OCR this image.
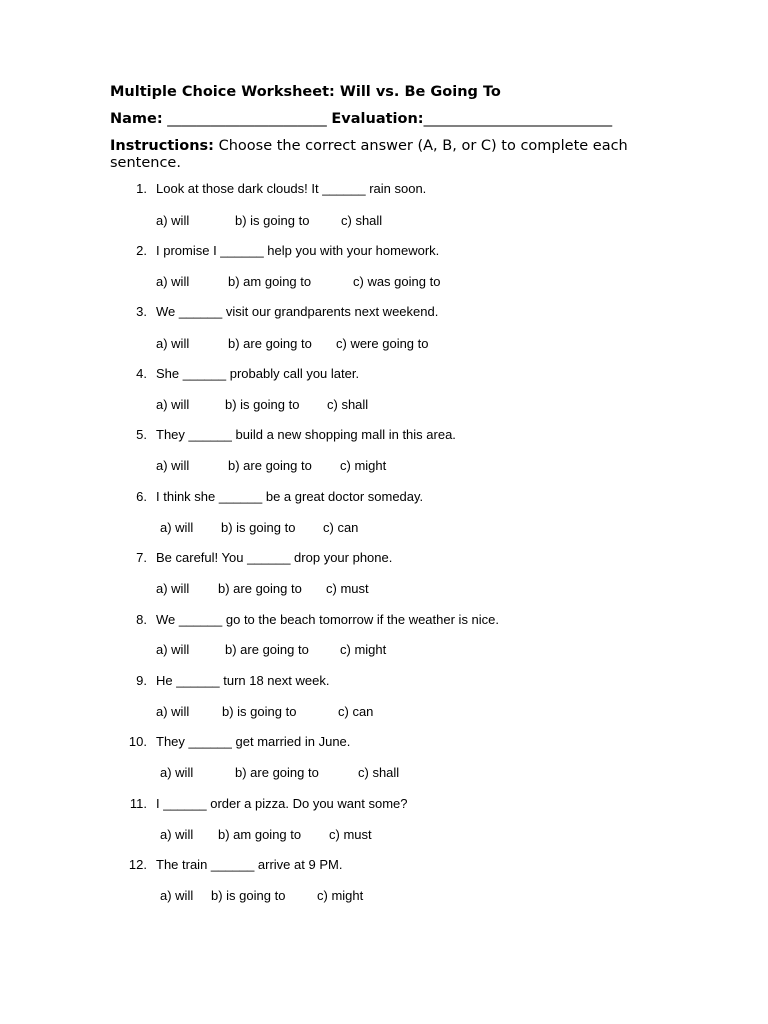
Multiple Choice Worksheet: Will vs. Be Going To
Name: ______________________ Evaluation:__________________________
Instructions: Choose the correct answer (A, B, or C) to complete each sentence.
1. Look at those dark clouds! It ______ rain soon.
a) will	b) is going to c) shall
2. I promise I ______ help you with your homework.
a) will	b) am going to	c) was going to
3. We ______ visit our grandparents next weekend.
a) will	b) are going to c) were going to
4. She ______ probably call you later.
a) will	b) is going to c) shall
5. They ______ build a new shopping mall in this area.
a) will	b) are going to c) might
6. I think she ______ be a great doctor someday.
a) will b) is going to c) can
7. Be careful! You ______ drop your phone.
a) will b) are going to c) must
8. We ______ go to the beach tomorrow if the weather is nice.
a) will	b) are going to c) might
9. He ______ turn 18 next week.
a) will	b) is going to	c) can
10. They ______ get married in June.
a) will	b) are going to	c) shall
11. I ______ order a pizza. Do you want some?
a) will b) am going to c) must
12. The train ______ arrive at 9 PM.
a) will b) is going to c) might
